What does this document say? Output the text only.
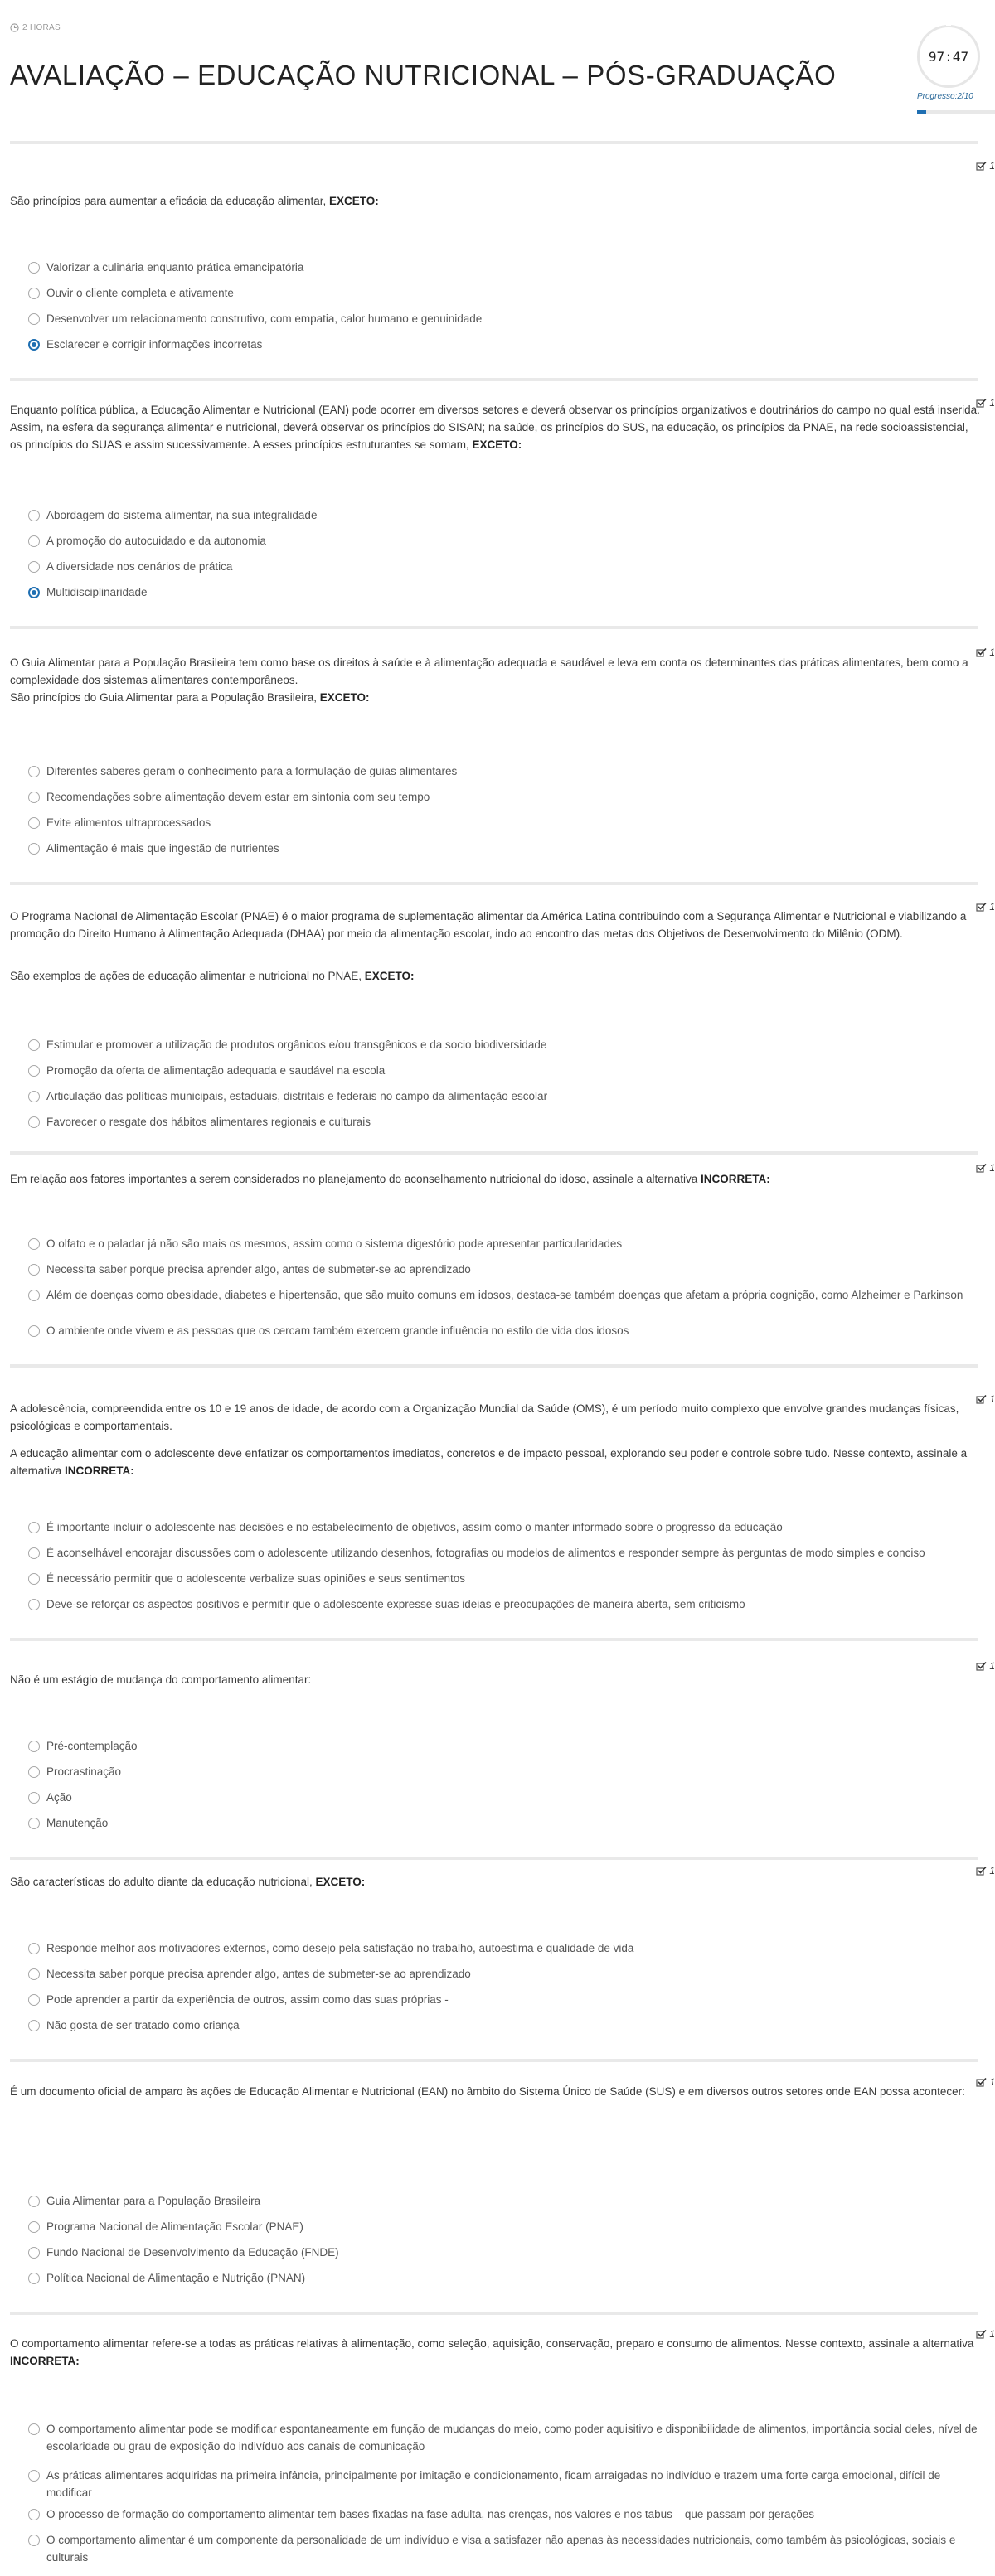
2 HORAS
AVALIAÇÃO – EDUCAÇÃO NUTRICIONAL – PÓS-GRADUAÇÃO
97:47
Progresso:2/10
1
São princípios para aumentar a eficácia da educação alimentar, EXCETO:
Valorizar a culinária enquanto prática emancipatória
Ouvir o cliente completa e ativamente
Desenvolver um relacionamento construtivo, com empatia, calor humano e genuinidade
Esclarecer e corrigir informações incorretas
1
Enquanto política pública, a Educação Alimentar e Nutricional (EAN) pode ocorrer em diversos setores e deverá observar os princípios organizativos e doutrinários do campo no qual está inserida. Assim, na esfera da segurança alimentar e nutricional, deverá observar os princípios do SISAN; na saúde, os princípios do SUS, na educação, os princípios da PNAE, na rede socioassistencial, os princípios do SUAS e assim sucessivamente. A esses princípios estruturantes se somam, EXCETO:
Abordagem do sistema alimentar, na sua integralidade
A promoção do autocuidado e da autonomia
A diversidade nos cenários de prática
Multidisciplinaridade
1
O Guia Alimentar para a População Brasileira tem como base os direitos à saúde e à alimentação adequada e saudável e leva em conta os determinantes das práticas alimentares, bem como a complexidade dos sistemas alimentares contemporâneos.
São princípios do Guia Alimentar para a População Brasileira, EXCETO:
Diferentes saberes geram o conhecimento para a formulação de guias alimentares
Recomendações sobre alimentação devem estar em sintonia com seu tempo
Evite alimentos ultraprocessados
Alimentação é mais que ingestão de nutrientes
1
O Programa Nacional de Alimentação Escolar (PNAE) é o maior programa de suplementação alimentar da América Latina contribuindo com a Segurança Alimentar e Nutricional e viabilizando a promoção do Direito Humano à Alimentação Adequada (DHAA) por meio da alimentação escolar, indo ao encontro das metas dos Objetivos de Desenvolvimento do Milênio (ODM).
São exemplos de ações de educação alimentar e nutricional no PNAE, EXCETO:
Estimular e promover a utilização de produtos orgânicos e/ou transgênicos e da socio biodiversidade
Promoção da oferta de alimentação adequada e saudável na escola
Articulação das políticas municipais, estaduais, distritais e federais no campo da alimentação escolar
Favorecer o resgate dos hábitos alimentares regionais e culturais
1
Em relação aos fatores importantes a serem considerados no planejamento do aconselhamento nutricional do idoso, assinale a alternativa INCORRETA:
O olfato e o paladar já não são mais os mesmos, assim como o sistema digestório pode apresentar particularidades
Necessita saber porque precisa aprender algo, antes de submeter-se ao aprendizado
Além de doenças como obesidade, diabetes e hipertensão, que são muito comuns em idosos, destaca-se também doenças que afetam a própria cognição, como Alzheimer e Parkinson
O ambiente onde vivem e as pessoas que os cercam também exercem grande influência no estilo de vida dos idosos
1
A adolescência, compreendida entre os 10 e 19 anos de idade, de acordo com a Organização Mundial da Saúde (OMS), é um período muito complexo que envolve grandes mudanças físicas, psicológicas e comportamentais.
A educação alimentar com o adolescente deve enfatizar os comportamentos imediatos, concretos e de impacto pessoal, explorando seu poder e controle sobre tudo. Nesse contexto, assinale a alternativa INCORRETA:
É importante incluir o adolescente nas decisões e no estabelecimento de objetivos, assim como o manter informado sobre o progresso da educação
É aconselhável encorajar discussões com o adolescente utilizando desenhos, fotografias ou modelos de alimentos e responder sempre às perguntas de modo simples e conciso
É necessário permitir que o adolescente verbalize suas opiniões e seus sentimentos
Deve-se reforçar os aspectos positivos e permitir que o adolescente expresse suas ideias e preocupações de maneira aberta, sem criticismo
1
Não é um estágio de mudança do comportamento alimentar:
Pré-contemplação
Procrastinação
Ação
Manutenção
1
São características do adulto diante da educação nutricional, EXCETO:
Responde melhor aos motivadores externos, como desejo pela satisfação no trabalho, autoestima e qualidade de vida
Necessita saber porque precisa aprender algo, antes de submeter-se ao aprendizado
Pode aprender a partir da experiência de outros, assim como das suas próprias -
Não gosta de ser tratado como criança
1
É um documento oficial de amparo às ações de Educação Alimentar e Nutricional (EAN) no âmbito do Sistema Único de Saúde (SUS) e em diversos outros setores onde EAN possa acontecer:
Guia Alimentar para a População Brasileira
Programa Nacional de Alimentação Escolar (PNAE)
Fundo Nacional de Desenvolvimento da Educação (FNDE)
Política Nacional de Alimentação e Nutrição (PNAN)
1
O comportamento alimentar refere-se a todas as práticas relativas à alimentação, como seleção, aquisição, conservação, preparo e consumo de alimentos. Nesse contexto, assinale a alternativa INCORRETA:
O comportamento alimentar pode se modificar espontaneamente em função de mudanças do meio, como poder aquisitivo e disponibilidade de alimentos, importância social deles, nível de escolaridade ou grau de exposição do indivíduo aos canais de comunicação
As práticas alimentares adquiridas na primeira infância, principalmente por imitação e condicionamento, ficam arraigadas no indivíduo e trazem uma forte carga emocional, difícil de modificar
O processo de formação do comportamento alimentar tem bases fixadas na fase adulta, nas crenças, nos valores e nos tabus – que passam por gerações
O comportamento alimentar é um componente da personalidade de um indivíduo e visa a satisfazer não apenas às necessidades nutricionais, como também às psicológicas, sociais e culturais
